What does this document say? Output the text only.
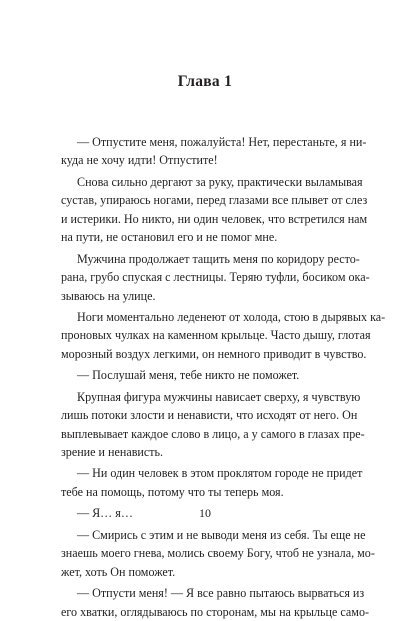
Глава 1
— Отпустите меня, пожалуйста! Нет, перестаньте, я ни-
куда не хочу идти! Отпустите!
Снова сильно дергают за руку, практически выламывая
сустав, упираюсь ногами, перед глазами все плывет от слез
и истерики. Но никто, ни один человек, что встретился нам
на пути, не остановил его и не помог мне.
Мужчина продолжает тащить меня по коридору ресто-
рана, грубо спуская с лестницы. Теряю туфли, босиком ока-
зываюсь на улице.
Ноги моментально леденеют от холода, стою в дырявых ка-
проновых чулках на каменном крыльце. Часто дышу, глотая
морозный воздух легкими, он немного приводит в чувство.
— Послушай меня, тебе никто не поможет.
Крупная фигура мужчины нависает сверху, я чувствую
лишь потоки злости и ненависти, что исходят от него. Он
выплевывает каждое слово в лицо, а у самого в глазах пре-
зрение и ненависть.
— Ни один человек в этом проклятом городе не придет
тебе на помощь, потому что ты теперь моя.
— Я… я…
— Смирись с этим и не выводи меня из себя. Ты еще не
знаешь моего гнева, молись своему Богу, чтоб не узнала, мо-
жет, хоть Он поможет.
— Отпусти меня! — Я все равно пытаюсь вырваться из
его хватки, оглядываюсь по сторонам, мы на крыльце само-
10
